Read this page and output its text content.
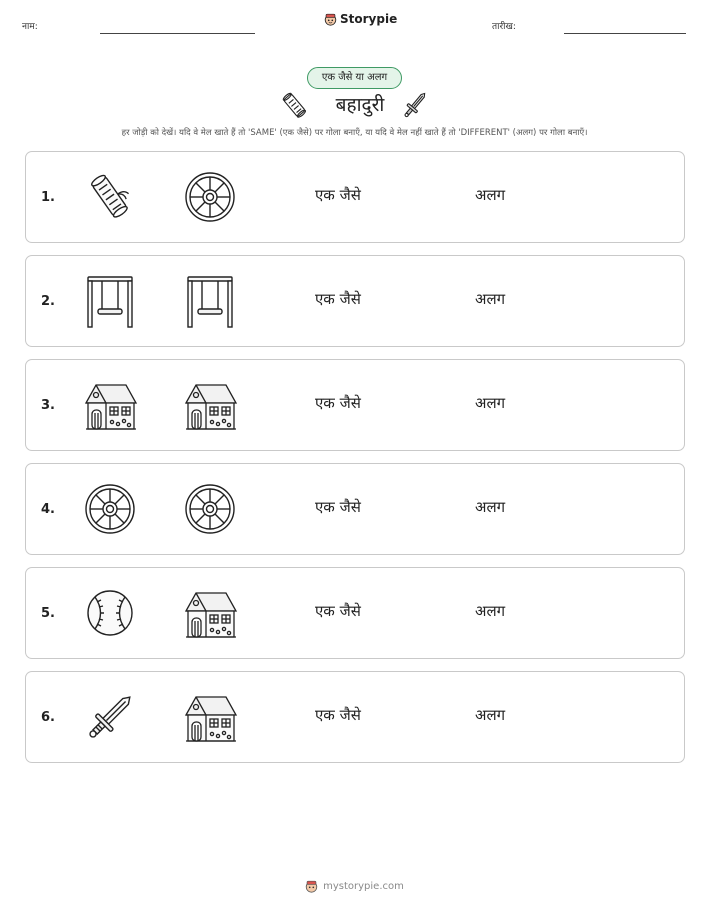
नाम:
Storypie
तारीख:
एक जैसे या अलग
बहादुरी
हर जोड़ी को देखें। यदि वे मेल खाते हैं तो 'SAME' (एक जैसे) पर गोला बनाएँ, या यदि वे मेल नहीं खाते हैं तो 'DIFFERENT' (अलग) पर गोला बनाएँ।
1.	एक जैसे	अलग
2.	एक जैसे	अलग
3.	एक जैसे	अलग
4.	एक जैसे	अलग
5.	एक जैसे	अलग
6.	एक जैसे	अलग
mystorypie.com
